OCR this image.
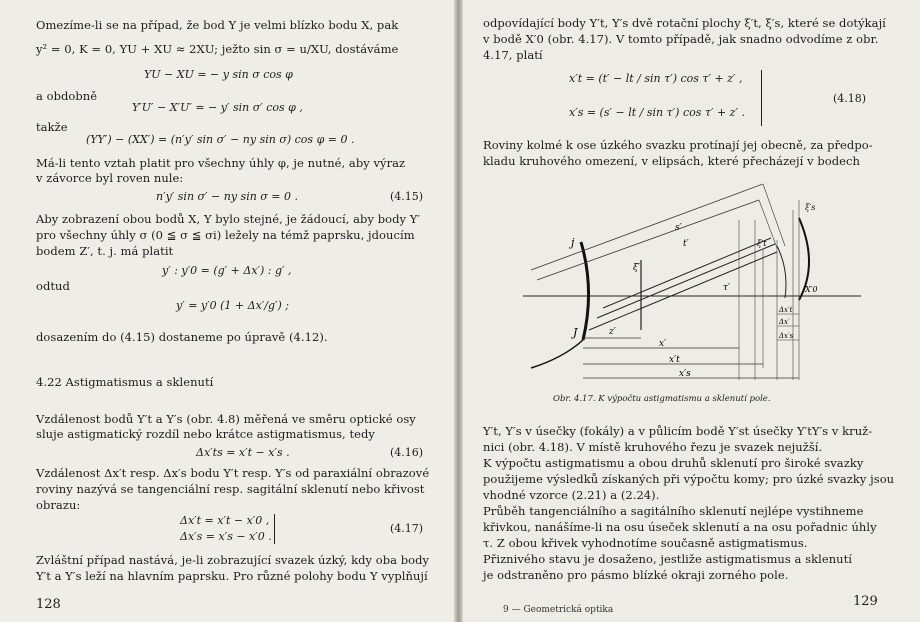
Omezíme-li se na případ, že bod Y je velmi blízko bodu X, pak
y² = 0, K = 0, YU + XU ≈ 2XU; ježto sin σ = u/XU, dostáváme
YU − XU = − y sin σ cos φ
a obdobně
Y′U′ − X′U′ = − y′ sin σ′ cos φ ,
takže
(YY′) − (XX′) = (n′y′ sin σ′ − ny sin σ) cos φ = 0 .
Má-li tento vztah platit pro všechny úhly φ, je nutné, aby výraz
v závorce byl roven nule:
n′y′ sin σ′ − ny sin σ = 0 .	(4.15)
Aby zobrazení obou bodů X, Y bylo stejné, je žádoucí, aby body Y′
pro všechny úhly σ (0 ≦ σ ≦ σi) ležely na témž paprsku, jdoucím
bodem Z′, t. j. má platit
y′ : y′0 = (g′ + Δx′) : g′ ,
odtud
y′ = y′0 (1 + Δx′/g′) ;
dosazením do (4.15) dostaneme po úpravě (4.12).
4.22 Astigmatismus a sklenutí
Vzdálenost bodů Y′t a Y′s (obr. 4.8) měřená ve směru optické osy
sluje astigmatický rozdíl nebo krátce astigmatismus, tedy
Δx′ts = x′t − x′s .	(4.16)
Vzdálenost Δx′t resp. Δx′s bodu Y′t resp. Y′s od paraxiální obrazové
roviny nazývá se tangenciální resp. sagitální sklenutí nebo křivost
obrazu:
Δx′t = x′t − x′0 ,
Δx′s = x′s − x′0 .
(4.17)
Zvláštní případ nastává, je-li zobrazující svazek úzký, kdy oba body
Y′t a Y′s leží na hlavním paprsku. Pro různé polohy bodu Y vyplňují
128
odpovídající body Y′t, Y′s dvě rotační plochy ξ′t, ξ′s, které se dotýkají
v bodě X′0 (obr. 4.17). V tomto případě, jak snadno odvodíme z obr.
4.17, platí
x′t = (t′ − lt / sin τ′) cos τ′ + z′ ,
x′s = (s′ − lt / sin τ′) cos τ′ + z′ .
(4.18)
Roviny kolmé k ose úzkého svazku protínají jej obecně, za předpo-
kladu kruhového omezení, v elipsách, které přecházejí v bodech
j
J
ξ′
s′
t′
τ′
z′
x′
x′t
x′s
ξ′t
ξ′s
X′0
Δx′t
Δx′
Δx′s
Obr. 4.17. K výpočtu astigmatismu a sklenutí pole.
Y′t, Y′s v úsečky (fokály) a v půlicím bodě Y′st úsečky Y′tY′s v kruž-
nici (obr. 4.18). V místě kruhového řezu je svazek nejužší.
K výpočtu astigmatismu a obou druhů sklenutí pro široké svazky
použijeme výsledků získaných při výpočtu komy; pro úzké svazky jsou
vhodné vzorce (2.21) a (2.24).
Průběh tangenciálního a sagitálního sklenutí nejlépe vystihneme
křivkou, nanášíme-li na osu úseček sklenutí a na osu pořadnic úhly
τ. Z obou křivek vyhodnotíme současně astigmatismus.
Přiznivého stavu je dosaženo, jestliže astigmatismus a sklenutí
je odstraněno pro pásmo blízké okraji zorného pole.
9 — Geometrická optika
129
